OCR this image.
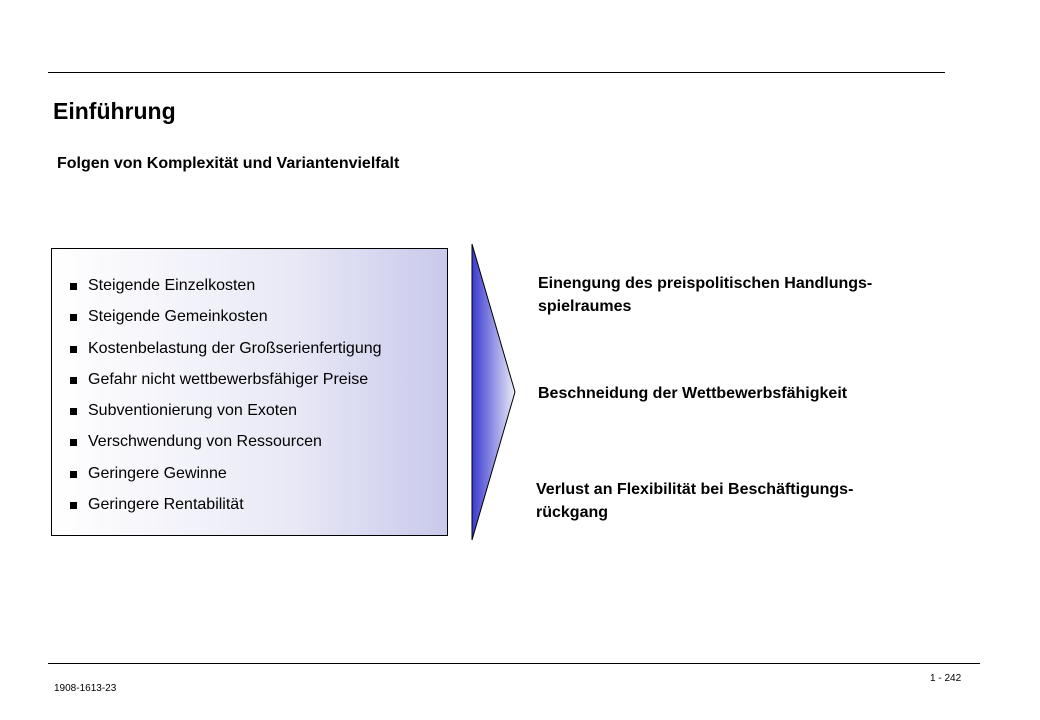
Einführung
Folgen von Komplexität und Variantenvielfalt
Steigende Einzelkosten
Steigende Gemeinkosten
Kostenbelastung der Großserienfertigung
Gefahr nicht wettbewerbsfähiger Preise
Subventionierung von Exoten
Verschwendung von Ressourcen
Geringere Gewinne
Geringere Rentabilität
Einengung des preispolitischen Handlungs-
spielraumes
Beschneidung der Wettbewerbsfähigkeit
Verlust an Flexibilität bei Beschäftigungs-
rückgang
1908-1613-23
1 - 242
